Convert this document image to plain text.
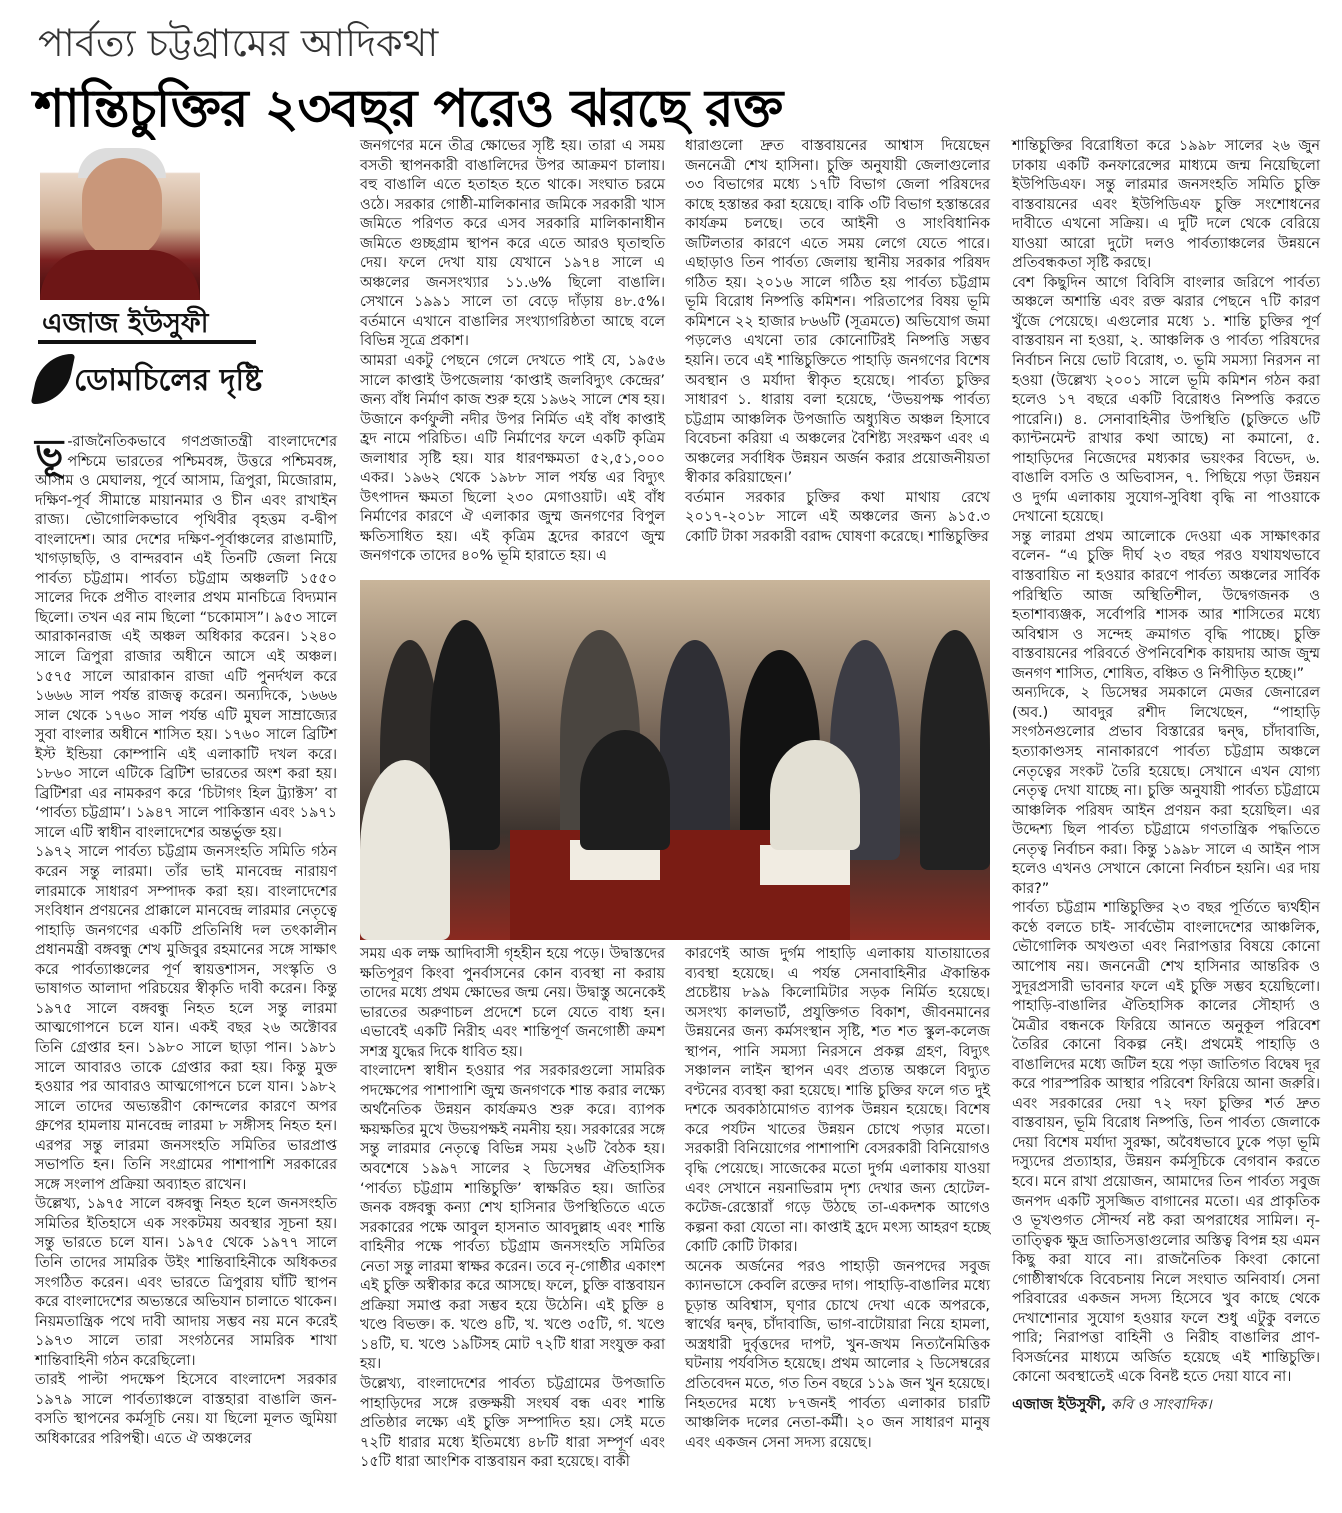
পার্বত্য চট্টগ্রামের আদিকথা
শান্তিচুক্তির ২৩বছর পরেও ঝরছে রক্ত
এজাজ ইউসুফী
ডোমচিলের দৃষ্টি

ভূ -রাজনৈতিকভাবে গণপ্রজাতন্ত্রী বাংলাদেশের পশ্চিমে ভারতের পশ্চিমবঙ্গ, উত্তরে পশ্চিমবঙ্গ, আসাম ও মেঘালয়, পূর্বে আসাম, ত্রিপুরা, মিজোরাম, দক্ষিণ-পূর্ব সীমান্তে মায়ানমার ও চীন এবং রাখাইন রাজ্য। ভৌগোলিকভাবে পৃথিবীর বৃহত্তম ব-দ্বীপ বাংলাদেশ। আর দেশের দক্ষিণ-পূর্বাঞ্চলের রাঙামাটি, খাগড়াছড়ি, ও বান্দরবান এই তিনটি জেলা নিয়ে পার্বত্য চট্টগ্রাম। পার্বত্য চট্টগ্রাম অঞ্চলটি ১৫৫০ সালের দিকে প্রণীত বাংলার প্রথম মানচিত্রে বিদ্যমান ছিলো। তখন এর নাম ছিলো “চকোমাস”। ৯৫৩ সালে আরাকানরাজ এই অঞ্চল অধিকার করেন। ১২৪০ সালে ত্রিপুরা রাজার অধীনে আসে এই অঞ্চল। ১৫৭৫ সালে আরাকান রাজা এটি পুনর্দখল করে ১৬৬৬ সাল পর্যন্ত রাজত্ব করেন। অন্যদিকে, ১৬৬৬ সাল থেকে ১৭৬০ সাল পর্যন্ত এটি মুঘল সাম্রাজ্যের সুবা বাংলার অধীনে শাসিত হয়। ১৭৬০ সালে ব্রিটিশ ইস্ট ইন্ডিয়া কোম্পানি এই এলাকাটি দখল করে। ১৮৬০ সালে এটিকে ব্রিটিশ ভারতের অংশ করা হয়। ব্রিটিশরা এর নামকরণ করে ‘চিটাগং হিল ট্র্যাক্টস’ বা ‘পার্বত্য চট্টগ্রাম’। ১৯৪৭ সালে পাকিস্তান এবং ১৯৭১ সালে এটি স্বাধীন বাংলাদেশের অন্তর্ভুক্ত হয়।

১৯৭২ সালে পার্বত্য চট্টগ্রাম জনসংহতি সমিতি গঠন করেন সন্তু লারমা। তাঁর ভাই মানবেন্দ্র নারায়ণ লারমাকে সাধারণ সম্পাদক করা হয়। বাংলাদেশের সংবিধান প্রণয়নের প্রাক্কালে মানবেন্দ্র লারমার নেতৃত্বে পাহাড়ি জনগণের একটি প্রতিনিধি দল তৎকালীন প্রধানমন্ত্রী বঙ্গবন্ধু শেখ মুজিবুর রহমানের সঙ্গে সাক্ষাৎ করে পার্বত্যাঞ্চলের পূর্ণ স্বায়ত্তশাসন, সংস্কৃতি ও ভাষাগত আলাদা পরিচয়ের স্বীকৃতি দাবী করেন। কিন্তু ১৯৭৫ সালে বঙ্গবন্ধু নিহত হলে সন্তু লারমা আত্মগোপনে চলে যান। একই বছর ২৬ অক্টোবর তিনি গ্রেপ্তার হন। ১৯৮০ সালে ছাড়া পান। ১৯৮১ সালে আবারও তাকে গ্রেপ্তার করা হয়। কিন্তু মুক্ত হওয়ার পর আবারও আত্মগোপনে চলে যান। ১৯৮২ সালে তাদের অভ্যন্তরীণ কোন্দলের কারণে অপর গ্রুপের হামলায় মানবেন্দ্র লারমা ৮ সঙ্গীসহ নিহত হন। এরপর সন্তু লারমা জনসংহতি সমিতির ভারপ্রাপ্ত সভাপতি হন। তিনি সংগ্রামের পাশাপাশি সরকারের সঙ্গে সংলাপ প্রক্রিয়া অব্যাহত রাখেন।

উল্লেখ্য, ১৯৭৫ সালে বঙ্গবন্ধু নিহত হলে জনসংহতি সমিতির ইতিহাসে এক সংকটময় অবস্থার সূচনা হয়। সন্তু ভারতে চলে যান। ১৯৭৫ থেকে ১৯৭৭ সালে তিনি তাদের সামরিক উইং শান্তিবাহিনীকে অধিকতর সংগঠিত করেন। এবং ভারতে ত্রিপুরায় ঘাঁটি স্থাপন করে বাংলাদেশের অভ্যন্তরে অভিযান চালাতে থাকেন। নিয়মতান্ত্রিক পথে দাবী আদায় সম্ভব নয় মনে করেই ১৯৭৩ সালে তারা সংগঠনের সামরিক শাখা শান্তিবাহিনী গঠন করেছিলো।

তারই পাল্টা পদক্ষেপ হিসেবে বাংলাদেশ সরকার ১৯৭৯ সালে পার্বত্যাঞ্চলে বাস্তহারা বাঙালি জন-বসতি স্থাপনের কর্মসূচি নেয়। যা ছিলো মূলত জুমিয়া অধিকারের পরিপন্থী। এতে ঐ অঞ্চলের

জনগণের মনে তীব্র ক্ষোভের সৃষ্টি হয়। তারা এ সময় বসতী স্থাপনকারী বাঙালিদের উপর আক্রমণ চালায়। বহু বাঙালি এতে হতাহত হতে থাকে। সংঘাত চরমে ওঠে। সরকার গোষ্ঠী-মালিকানার জমিকে সরকারী খাস জমিতে পরিণত করে এসব সরকারি মালিকানাধীন জমিতে গুচ্ছগ্রাম স্থাপন করে এতে আরও ঘৃতাহুতি দেয়। ফলে দেখা যায় যেখানে ১৯৭৪ সালে এ অঞ্চলের জনসংখ্যার ১১.৬% ছিলো বাঙালি। সেখানে ১৯৯১ সালে তা বেড়ে দাঁড়ায় ৪৮.৫%। বর্তমানে এখানে বাঙালির সংখ্যাগরিষ্ঠতা আছে বলে বিভিন্ন সূত্রে প্রকাশ।

আমরা একটু পেছনে গেলে দেখতে পাই যে, ১৯৫৬ সালে কাপ্তাই উপজেলায় ‘কাপ্তাই জলবিদ্যুৎ কেন্দ্রের’ জন্য বাঁধ নির্মাণ কাজ শুরু হয়ে ১৯৬২ সালে শেষ হয়। উজানে কর্ণফুলী নদীর উপর নির্মিত এই বাঁধ কাপ্তাই হ্রদ নামে পরিচিত। এটি নির্মাণের ফলে একটি কৃত্রিম জলাধার সৃষ্টি হয়। যার ধারণক্ষমতা ৫২,৫১,০০০ একর। ১৯৬২ থেকে ১৯৮৮ সাল পর্যন্ত এর বিদ্যুৎ উৎপাদন ক্ষমতা ছিলো ২৩০ মেগাওয়াট। এই বাঁধ নির্মাণের কারণে ঐ এলাকার জুম্ম জনগণের বিপুল ক্ষতিসাধিত হয়। এই কৃত্রিম হ্রদের কারণে জুম্ম জনগণকে তাদের ৪০% ভূমি হারাতে হয়। এ

ধারাগুলো দ্রুত বাস্তবায়নের আশ্বাস দিয়েছেন জননেত্রী শেখ হাসিনা। চুক্তি অনুযায়ী জেলাগুলোর ৩৩ বিভাগের মধ্যে ১৭টি বিভাগ জেলা পরিষদের কাছে হস্তান্তর করা হয়েছে। বাকি ৩টি বিভাগ হস্তান্তরের কার্যক্রম চলছে। তবে আইনী ও সাংবিধানিক জটিলতার কারণে এতে সময় লেগে যেতে পারে। এছাড়াও তিন পার্বত্য জেলায় স্থানীয় সরকার পরিষদ গঠিত হয়। ২০১৬ সালে গঠিত হয় পার্বত্য চট্টগ্রাম ভূমি বিরোধ নিষ্পত্তি কমিশন। পরিতাপের বিষয় ভূমি কমিশনে ২২ হাজার ৮৬৬টি (সূত্রমতে) অভিযোগ জমা পড়লেও এখনো তার কোনোটিরই নিষ্পত্তি সম্ভব হয়নি। তবে এই শান্তিচুক্তিতে পাহাড়ি জনগণের বিশেষ অবস্থান ও মর্যাদা স্বীকৃত হয়েছে। পার্বত্য চুক্তির সাধারণ ১. ধারায় বলা হয়েছে, ‘উভয়পক্ষ পার্বত্য চট্টগ্রাম আঞ্চলিক উপজাতি অধ্যুষিত অঞ্চল হিসাবে বিবেচনা করিয়া এ অঞ্চলের বৈশিষ্ট্য সংরক্ষণ এবং এ অঞ্চলের সর্বাধিক উন্নয়ন অর্জন করার প্রয়োজনীয়তা স্বীকার করিয়াছেন।’

বর্তমান সরকার চুক্তির কথা মাথায় রেখে ২০১৭-২০১৮ সালে এই অঞ্চলের জন্য ৯১৫.৩ কোটি টাকা সরকারী বরাদ্দ ঘোষণা করেছে। শান্তিচুক্তির

সময় এক লক্ষ আদিবাসী গৃহহীন হয়ে পড়ে। উদ্বাস্তদের ক্ষতিপূরণ কিংবা পুনর্বাসনের কোন ব্যবস্থা না করায় তাদের মধ্যে প্রথম ক্ষোভের জন্ম নেয়। উদ্বাস্তু অনেকেই ভারতের অরুণাচল প্রদেশে চলে যেতে বাধ্য হন। এভাবেই একটি নিরীহ এবং শান্তিপূর্ণ জনগোষ্ঠী ক্রমশ সশস্ত্র যুদ্ধের দিকে ধাবিত হয়।

বাংলাদেশ স্বাধীন হওয়ার পর সরকারগুলো সামরিক পদক্ষেপের পাশাপাশি জুম্ম জনগণকে শান্ত করার লক্ষ্যে অর্থনৈতিক উন্নয়ন কার্যক্রমও শুরু করে। ব্যাপক ক্ষয়ক্ষতির মুখে উভয়পক্ষই নমনীয় হয়। সরকারের সঙ্গে সন্তু লারমার নেতৃত্বে বিভিন্ন সময় ২৬টি বৈঠক হয়। অবশেষে ১৯৯৭ সালের ২ ডিসেম্বর ঐতিহাসিক ‘পার্বত্য চট্টগ্রাম শান্তিচুক্তি’ স্বাক্ষরিত হয়। জাতির জনক বঙ্গবন্ধু কন্যা শেখ হাসিনার উপস্থিতিতে এতে সরকারের পক্ষে আবুল হাসনাত আবদুল্লাহ এবং শান্তি বাহিনীর পক্ষে পার্বত্য চট্টগ্রাম জনসংহতি সমিতির নেতা সন্তু লারমা স্বাক্ষর করেন। তবে নৃ-গোষ্ঠীর একাংশ এই চুক্তি অস্বীকার করে আসছে। ফলে, চুক্তি বাস্তবায়ন প্রক্রিয়া সমাপ্ত করা সম্ভব হয়ে উঠেনি। এই চুক্তি ৪ খণ্ডে বিভক্ত। ক. খণ্ডে ৪টি, খ. খণ্ডে ৩৫টি, গ. খণ্ডে ১৪টি, ঘ. খণ্ডে ১৯টিসহ মোট ৭২টি ধারা সংযুক্ত করা হয়।

উল্লেখ্য, বাংলাদেশের পার্বত্য চট্টগ্রামের উপজাতি পাহাড়িদের সঙ্গে রক্তক্ষয়ী সংঘর্ষ বন্ধ এবং শান্তি প্রতিষ্ঠার লক্ষ্যে এই চুক্তি সম্পাদিত হয়। সেই মতে ৭২টি ধারার মধ্যে ইতিমধ্যে ৪৮টি ধারা সম্পূর্ণ এবং ১৫টি ধারা আংশিক বাস্তবায়ন করা হয়েছে। বাকী

কারণেই আজ দুর্গম পাহাড়ি এলাকায় যাতায়াতের ব্যবস্থা হয়েছে। এ পর্যন্ত সেনাবাহিনীর ঐকান্তিক প্রচেষ্টায় ৮৯৯ কিলোমিটার সড়ক নির্মিত হয়েছে। অসংখ্য কালভার্ট, প্রযুক্তিগত বিকাশ, জীবনমানের উন্নয়নের জন্য কর্মসংস্থান সৃষ্টি, শত শত স্কুল-কলেজ স্থাপন, পানি সমস্যা নিরসনে প্রকল্প গ্রহণ, বিদ্যুৎ সঞ্চালন লাইন স্থাপন এবং প্রত্যন্ত অঞ্চলে বিদ্যুত বণ্টনের ব্যবস্থা করা হয়েছে। শান্তি চুক্তির ফলে গত দুই দশকে অবকাঠামোগত ব্যাপক উন্নয়ন হয়েছে। বিশেষ করে পর্যটন খাতের উন্নয়ন চোখে পড়ার মতো। সরকারী বিনিয়োগের পাশাপাশি বেসরকারী বিনিয়োগও বৃদ্ধি পেয়েছে। সাজেকের মতো দুর্গম এলাকায় যাওয়া এবং সেখানে নয়নাভিরাম দৃশ্য দেখার জন্য হোটেল-কটেজ-রেস্তোরাঁ গড়ে উঠছে তা-একদশক আগেও কল্পনা করা যেতো না। কাপ্তাই হ্রদে মৎস্য আহরণ হচ্ছে কোটি কোটি টাকার।

অনেক অর্জনের পরও পাহাড়ী জনপদের সবুজ ক্যানভাসে কেবলি রক্তের দাগ। পাহাড়ি-বাঙালির মধ্যে চূড়ান্ত অবিশ্বাস, ঘৃণার চোখে দেখা একে অপরকে, স্বার্থের দ্বন্দ্ব, চাঁদাবাজি, ভাগ-বাটোয়ারা নিয়ে হামলা, অস্ত্রধারী দুর্বৃত্তদের দাপট, খুন-জখম নিত্যনৈমিত্তিক ঘটনায় পর্যবসিত হয়েছে। প্রথম আলোর ২ ডিসেম্বরের প্রতিবেদন মতে, গত তিন বছরে ১১৯ জন খুন হয়েছে। নিহতদের মধ্যে ৮৭জনই পার্বত্য এলাকার চারটি আঞ্চলিক দলের নেতা-কর্মী। ২০ জন সাধারণ মানুষ এবং একজন সেনা সদস্য রয়েছে।

শান্তিচুক্তির বিরোধিতা করে ১৯৯৮ সালের ২৬ জুন ঢাকায় একটি কনফারেন্সের মাধ্যমে জন্ম নিয়েছিলো ইউপিডিএফ। সন্তু লারমার জনসংহতি সমিতি চুক্তি বাস্তবায়নের এবং ইউপিডিএফ চুক্তি সংশোধনের দাবীতে এখনো সক্রিয়। এ দুটি দলে থেকে বেরিয়ে যাওয়া আরো দুটো দলও পার্বত্যাঞ্চলের উন্নয়নে প্রতিবন্ধকতা সৃষ্টি করছে।

বেশ কিছুদিন আগে বিবিসি বাংলার জরিপে পার্বত্য অঞ্চলে অশান্তি এবং রক্ত ঝরার পেছনে ৭টি কারণ খুঁজে পেয়েছে। এগুলোর মধ্যে ১. শান্তি চুক্তির পূর্ণ বাস্তবায়ন না হওয়া, ২. আঞ্চলিক ও পার্বত্য পরিষদের নির্বাচন নিয়ে ভোট বিরোধ, ৩. ভূমি সমস্যা নিরসন না হওয়া (উল্লেখ্য ২০০১ সালে ভূমি কমিশন গঠন করা হলেও ১৭ বছরে একটি বিরোধও নিষ্পত্তি করতে পারেনি।) ৪. সেনাবাহিনীর উপস্থিতি (চুক্তিতে ৬টি ক্যান্টনমেন্ট রাখার কথা আছে) না কমানো, ৫. পাহাড়িদের নিজেদের মধ্যকার ভয়ংকর বিভেদ, ৬. বাঙালি বসতি ও অভিবাসন, ৭. পিছিয়ে পড়া উন্নয়ন ও দুর্গম এলাকায় সুযোগ-সুবিধা বৃদ্ধি না পাওয়াকে দেখানো হয়েছে।

সন্তু লারমা প্রথম আলোকে দেওয়া এক সাক্ষাৎকার বলেন- “এ চুক্তি দীর্ঘ ২৩ বছর পরও যথাযথভাবে বাস্তবায়িত না হওয়ার কারণে পার্বত্য অঞ্চলের সার্বিক পরিস্থিতি আজ অস্থিতিশীল, উদ্বেগজনক ও হতাশাব্যঞ্জক, সর্বোপরি শাসক আর শাসিতের মধ্যে অবিশ্বাস ও সন্দেহ ক্রমাগত বৃদ্ধি পাচ্ছে। চুক্তি বাস্তবায়নের পরিবর্তে ঔপনিবেশিক কায়দায় আজ জুম্ম জনগণ শাসিত, শোষিত, বঞ্চিত ও নিপীড়িত হচ্ছে।”

অন্যদিকে, ২ ডিসেম্বর সমকালে মেজর জেনারেল (অব.) আবদুর রশীদ লিখেছেন, “পাহাড়ি সংগঠনগুলোর প্রভাব বিস্তারের দ্বন্দ্ব, চাঁদাবাজি, হত্যাকাণ্ডসহ নানাকারণে পার্বত্য চট্টগ্রাম অঞ্চলে নেতৃত্বের সংকট তৈরি হয়েছে। সেখানে এখন যোগ্য নেতৃত্ব দেখা যাচ্ছে না। চুক্তি অনুযায়ী পার্বত্য চট্টগ্রামে আঞ্চলিক পরিষদ আইন প্রণয়ন করা হয়েছিল। এর উদ্দেশ্য ছিল পার্বত্য চট্টগ্রামে গণতান্ত্রিক পদ্ধতিতে নেতৃত্ব নির্বাচন করা। কিন্তু ১৯৯৮ সালে এ আইন পাস হলেও এখনও সেখানে কোনো নির্বাচন হয়নি। এর দায় কার?”

পার্বত্য চট্টগ্রাম শান্তিচুক্তির ২৩ বছর পূর্তিতে দ্ব্যর্থহীন কণ্ঠে বলতে চাই- সার্বভৌম বাংলাদেশের আঞ্চলিক, ভৌগোলিক অখণ্ডতা এবং নিরাপত্তার বিষয়ে কোনো আপোষ নয়। জননেত্রী শেখ হাসিনার আন্তরিক ও সুদূরপ্রসারী ভাবনার ফলে এই চুক্তি সম্ভব হয়েছিলো। পাহাড়ি-বাঙালির ঐতিহাসিক কালের সৌহার্দ্য ও মৈত্রীর বন্ধনকে ফিরিয়ে আনতে অনুকূল পরিবেশ তৈরির কোনো বিকল্প নেই। প্রথমেই পাহাড়ি ও বাঙালিদের মধ্যে জটিল হয়ে পড়া জাতিগত বিদ্বেষ দূর করে পারস্পরিক আস্থার পরিবেশ ফিরিয়ে আনা জরুরি। এবং সরকারের দেয়া ৭২ দফা চুক্তির শর্ত দ্রুত বাস্তবায়ন, ভূমি বিরোধ নিষ্পত্তি, তিন পার্বত্য জেলাকে দেয়া বিশেষ মর্যাদা সুরক্ষা, অবৈধভাবে ঢুকে পড়া ভূমি দস্যুদের প্রত্যাহার, উন্নয়ন কর্মসূচিকে বেগবান করতে হবে। মনে রাখা প্রয়োজন, আমাদের তিন পার্বত্য সবুজ জনপদ একটি সুসজ্জিত বাগানের মতো। এর প্রাকৃতিক ও ভূখণ্ডগত সৌন্দর্য নষ্ট করা অপরাধের সামিল। নৃ-তাত্ত্বিক ক্ষুদ্র জাতিসত্তাগুলোর অস্তিত্ব বিপন্ন হয় এমন কিছু করা যাবে না। রাজনৈতিক কিংবা কোনো গোষ্ঠীস্বার্থকে বিবেচনায় নিলে সংঘাত অনিবার্য। সেনা পরিবারের একজন সদস্য হিসেবে খুব কাছে থেকে দেখাশোনার সুযোগ হওয়ার ফলে শুধু এটুকু বলতে পারি; নিরাপত্তা বাহিনী ও নিরীহ বাঙালির প্রাণ-বিসর্জনের মাধ্যমে অর্জিত হয়েছে এই শান্তিচুক্তি। কোনো অবস্থাতেই একে বিনষ্ট হতে দেয়া যাবে না।

এজাজ ইউসুফী, কবি ও সাংবাদিক।
